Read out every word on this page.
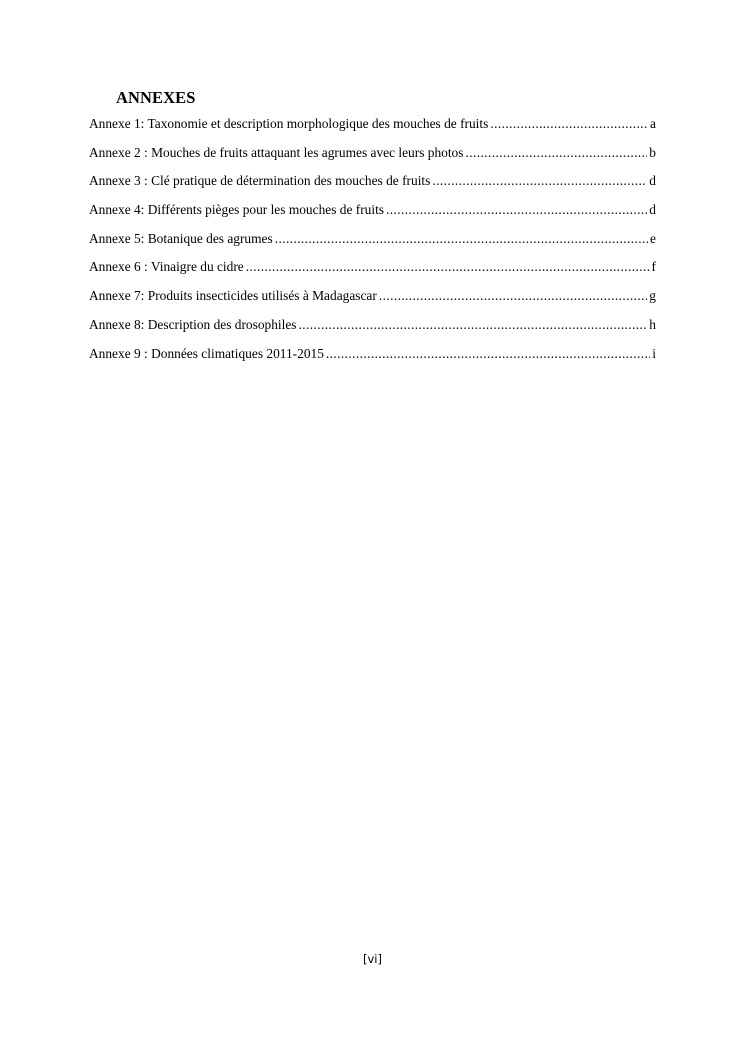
ANNEXES
Annexe 1: Taxonomie et description morphologique des mouches de fruits .....	a
Annexe 2 : Mouches de fruits attaquant les agrumes avec leurs photos .....	b
Annexe 3 : Clé pratique de détermination des mouches de fruits .....	d
Annexe 4: Différents pièges pour les mouches de fruits .....	d
Annexe 5: Botanique des agrumes .....	e
Annexe 6 : Vinaigre du cidre .....	f
Annexe 7: Produits insecticides utilisés à Madagascar .....	g
Annexe 8: Description des drosophiles .....	h
Annexe 9 : Données climatiques 2011-2015 .....	i
[vi]
